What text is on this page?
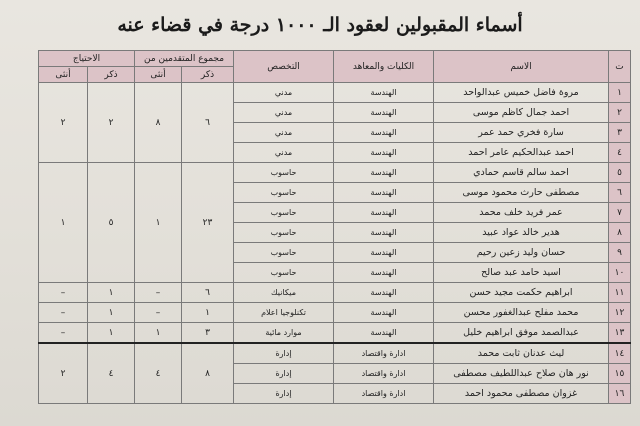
أسماء المقبولين لعقود الـ ١٠٠٠ درجة في قضاء عنه
ت	الاسم	الكليات والمعاهد	التخصص	مجموع المتقدمين من		الاحتياج	
				ذكر	أنثى	ذكر	أنثى
١	مروة فاضل خميس عبدالواحد	الهندسة	مدني	٦	٨	٢	٢
٢	احمد جمال كاظم موسى	الهندسة	مدني				
٣	سارة فخري حمد عمر	الهندسة	مدني				
٤	احمد عبدالحكيم عامر احمد	الهندسة	مدني				
٥	احمد سالم قاسم حمادي	الهندسة	حاسوب	٢٣	١	٥	١
٦	مصطفى حارث محمود موسى	الهندسة	حاسوب				
٧	عمر فريد خلف محمد	الهندسة	حاسوب				
٨	هدير خالد عواد عبيد	الهندسة	حاسوب				
٩	حسان وليد زعين رحيم	الهندسة	حاسوب				
١٠	اسيد حامد عبد صالح	الهندسة	حاسوب				
١١	ابراهيم حكمت مجيد حسن	الهندسة	ميكانيك	٦	–	١	–
١٢	محمد مفلح عبدالغفور محسن	الهندسة	تكنلوجيا اعلام	١	–	١	–
١٣	عبدالصمد موفق ابراهيم خليل	الهندسة	موارد مائية	٣	١	١	–
١٤	ليث عدنان ثابت محمد	ادارة واقتصاد	إدارة	٨	٤	٤	٢
١٥	نور هان صلاح عبداللطيف مصطفى	ادارة واقتصاد	إدارة				
١٦	غزوان مصطفى محمود احمد	ادارة واقتصاد	إدارة				
